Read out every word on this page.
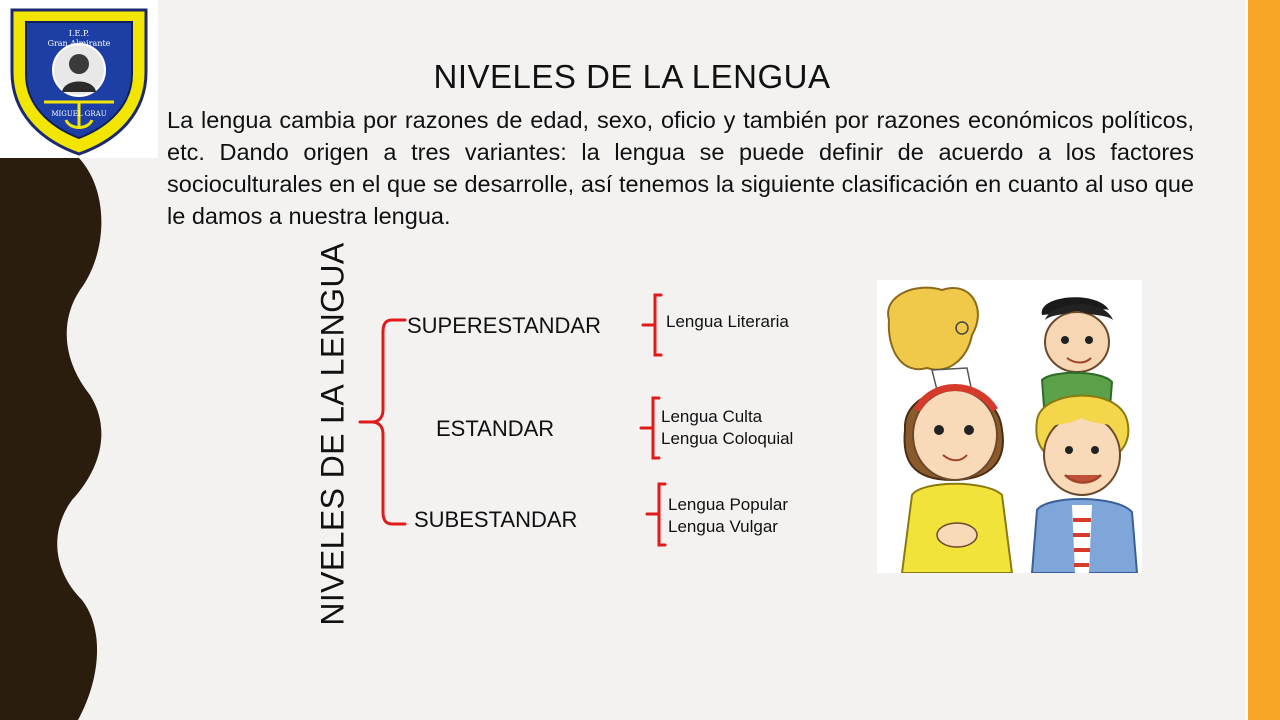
I.E.P.
Gran Almirante
MIGUEL GRAU
NIVELES DE LA LENGUA
La lengua cambia por razones de edad, sexo, oficio y también por razones económicos políticos, etc. Dando origen a tres variantes: la lengua se puede definir de acuerdo a los factores socioculturales en el que se desarrolle, así tenemos la siguiente clasificación en cuanto al uso que le damos a nuestra lengua.
NIVELES DE LA LENGUA	SUPERESTANDAR
ESTANDAR
SUBESTANDAR
Lengua Literaria
Lengua Culta
Lengua Coloquial
Lengua Popular
Lengua Vulgar
